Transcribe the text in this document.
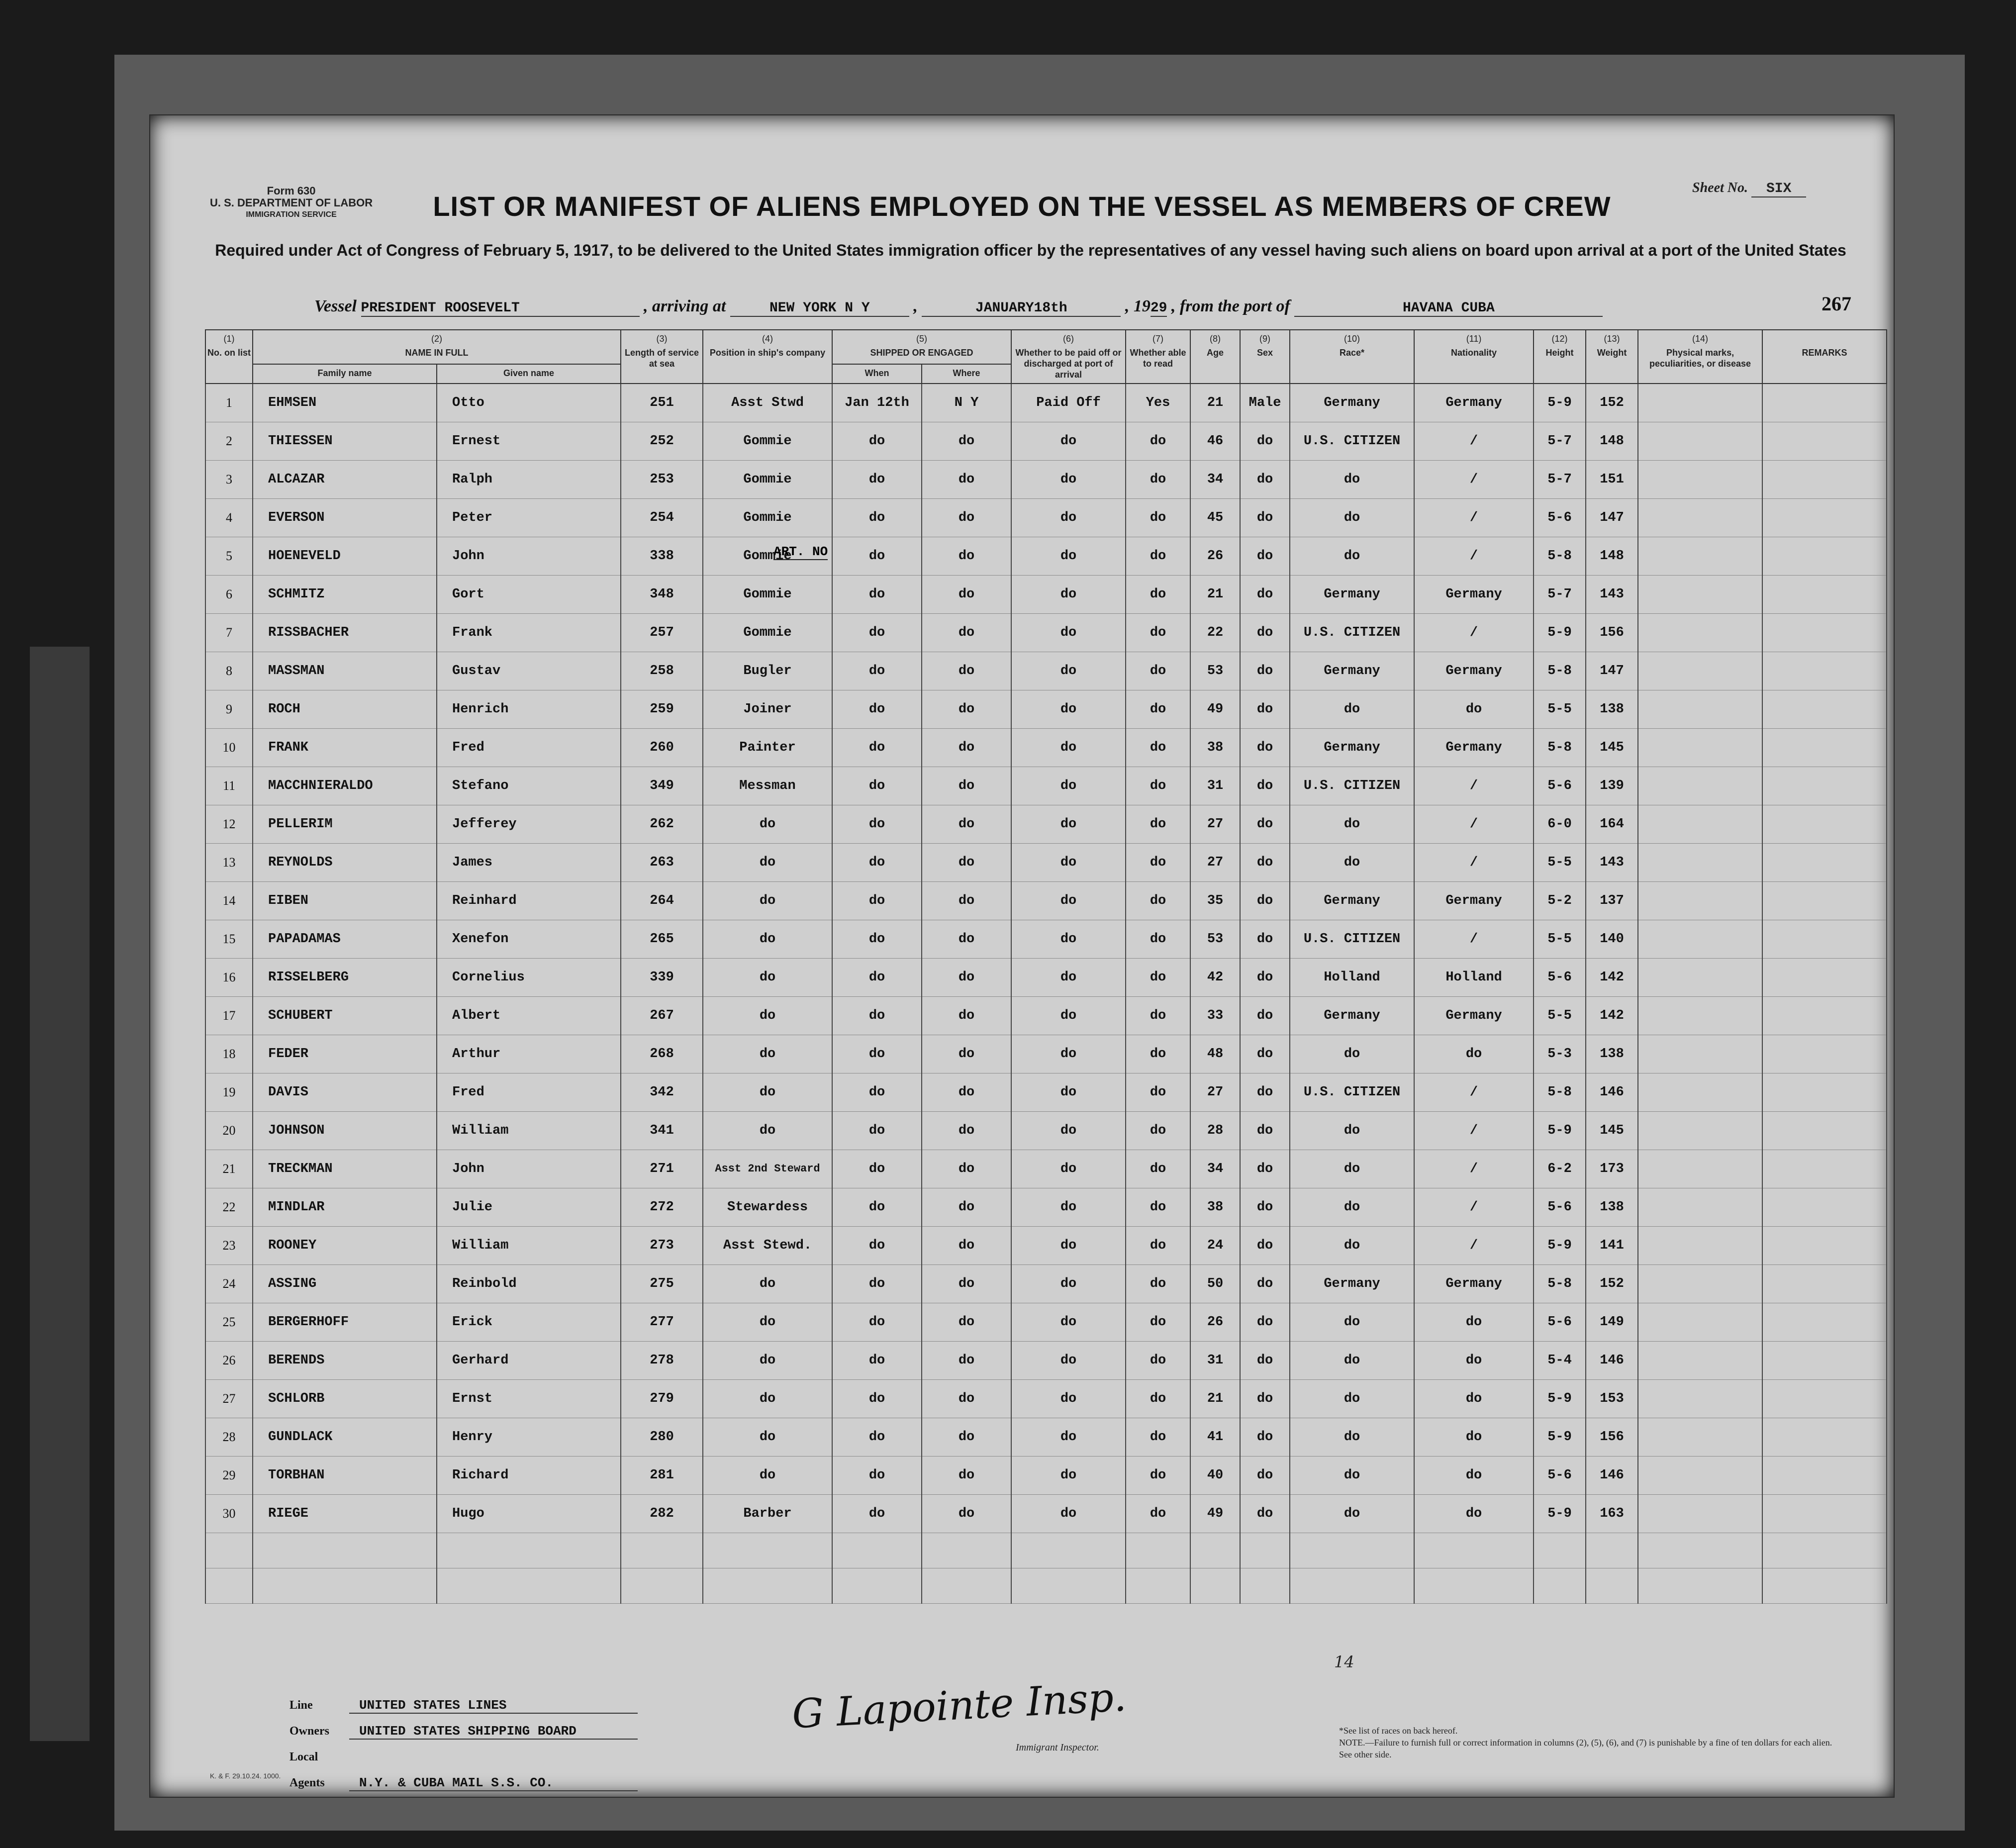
Form 630
U. S. DEPARTMENT OF LABOR
IMMIGRATION SERVICE
Sheet No. SIX
LIST OR MANIFEST OF ALIENS EMPLOYED ON THE VESSEL AS MEMBERS OF CREW
Required under Act of Congress of February 5, 1917, to be delivered to the United States immigration officer by the representatives of any vessel having such aliens on board upon arrival at a port of the United States
267
Vessel PRESIDENT ROOSEVELT	, arriving at	NEW YORK N Y	,	JANUARY18th	, 1929 , from the port of	HAVANA CUBA
(1)
No. on list	(2)
NAME IN FULL		(3)
Length of service at sea	(4)
Position in ship's company	(5)
SHIPPED OR ENGAGED		(6)
Whether to be paid off or discharged at port of arrival	(7)
Whether able to read	(8)
Age	(9)
Sex	(10)
Race*	(11)
Nationality	(12)
Height	(13)
Weight	(14)
Physical marks, peculiarities, or disease	REMARKS
	Family name	Given name			When	Where										
1	EHMSEN	Otto	251	Asst Stwd	Jan 12th	N Y	Paid Off	Yes	21	Male	Germany	Germany	5-9	152		
2	THIESSEN	Ernest	252	Gommie	do	do	do	do	46	do	U.S. CITIZEN	/	5-7	148		
3	ALCAZAR	Ralph	253	Gommie	do	do	do	do	34	do	do	/	5-7	151		
4	EVERSON	Peter	254	Gommie	do	do	do	do	45	do	do	/	5-6	147		
5	HOENEVELD	John	338	Gommie	do	do	do	do	26	do	do	/	5-8	148		
6	SCHMITZ	Gort	348	Gommie	do	do	do	do	21	do	Germany	Germany	5-7	143		
7	RISSBACHER	Frank	257	Gommie	do	do	do	do	22	do	U.S. CITIZEN	/	5-9	156		
8	MASSMAN	Gustav	258	Bugler	do	do	do	do	53	do	Germany	Germany	5-8	147		
9	ROCH	Henrich	259	Joiner	do	do	do	do	49	do	do	do	5-5	138		
10	FRANK	Fred	260	Painter	do	do	do	do	38	do	Germany	Germany	5-8	145		
11	MACCHNIERALDO	Stefano	349	Messman	do	do	do	do	31	do	U.S. CITIZEN	/	5-6	139		
12	PELLERIM	Jefferey	262	do	do	do	do	do	27	do	do	/	6-0	164		
13	REYNOLDS	James	263	do	do	do	do	do	27	do	do	/	5-5	143		
14	EIBEN	Reinhard	264	do	do	do	do	do	35	do	Germany	Germany	5-2	137		
15	PAPADAMAS	Xenefon	265	do	do	do	do	do	53	do	U.S. CITIZEN	/	5-5	140		
16	RISSELBERG	Cornelius	339	do	do	do	do	do	42	do	Holland	Holland	5-6	142		
17	SCHUBERT	Albert	267	do	do	do	do	do	33	do	Germany	Germany	5-5	142		
18	FEDER	Arthur	268	do	do	do	do	do	48	do	do	do	5-3	138		
19	DAVIS	Fred	342	do	do	do	do	do	27	do	U.S. CITIZEN	/	5-8	146		
20	JOHNSON	William	341	do	do	do	do	do	28	do	do	/	5-9	145		
21	TRECKMAN	John	271	Asst 2nd Steward	do	do	do	do	34	do	do	/	6-2	173		
22	MINDLAR	Julie	272	Stewardess	do	do	do	do	38	do	do	/	5-6	138		
23	ROONEY	William	273	Asst Stewd.	do	do	do	do	24	do	do	/	5-9	141		
24	ASSING	Reinbold	275	do	do	do	do	do	50	do	Germany	Germany	5-8	152		
25	BERGERHOFF	Erick	277	do	do	do	do	do	26	do	do	do	5-6	149		
26	BERENDS	Gerhard	278	do	do	do	do	do	31	do	do	do	5-4	146		
27	SCHLORB	Ernst	279	do	do	do	do	do	21	do	do	do	5-9	153		
28	GUNDLACK	Henry	280	do	do	do	do	do	41	do	do	do	5-9	156		
29	TORBHAN	Richard	281	do	do	do	do	do	40	do	do	do	5-6	146		
30	RIEGE	Hugo	282	Barber	do	do	do	do	49	do	do	do	5-9	163		

ART. NO
14
Line	UNITED STATES LINES
Owners UNITED STATES SHIPPING BOARD
Local Agents	N.Y. & CUBA MAIL S.S. CO.
G Lapointe Insp.
Immigrant Inspector.
*See list of races on back hereof.
NOTE.—Failure to furnish full or correct information in columns (2), (5), (6), and (7) is punishable by a fine of ten dollars for each alien. See other side.
K. & F. 29.10.24. 1000.
